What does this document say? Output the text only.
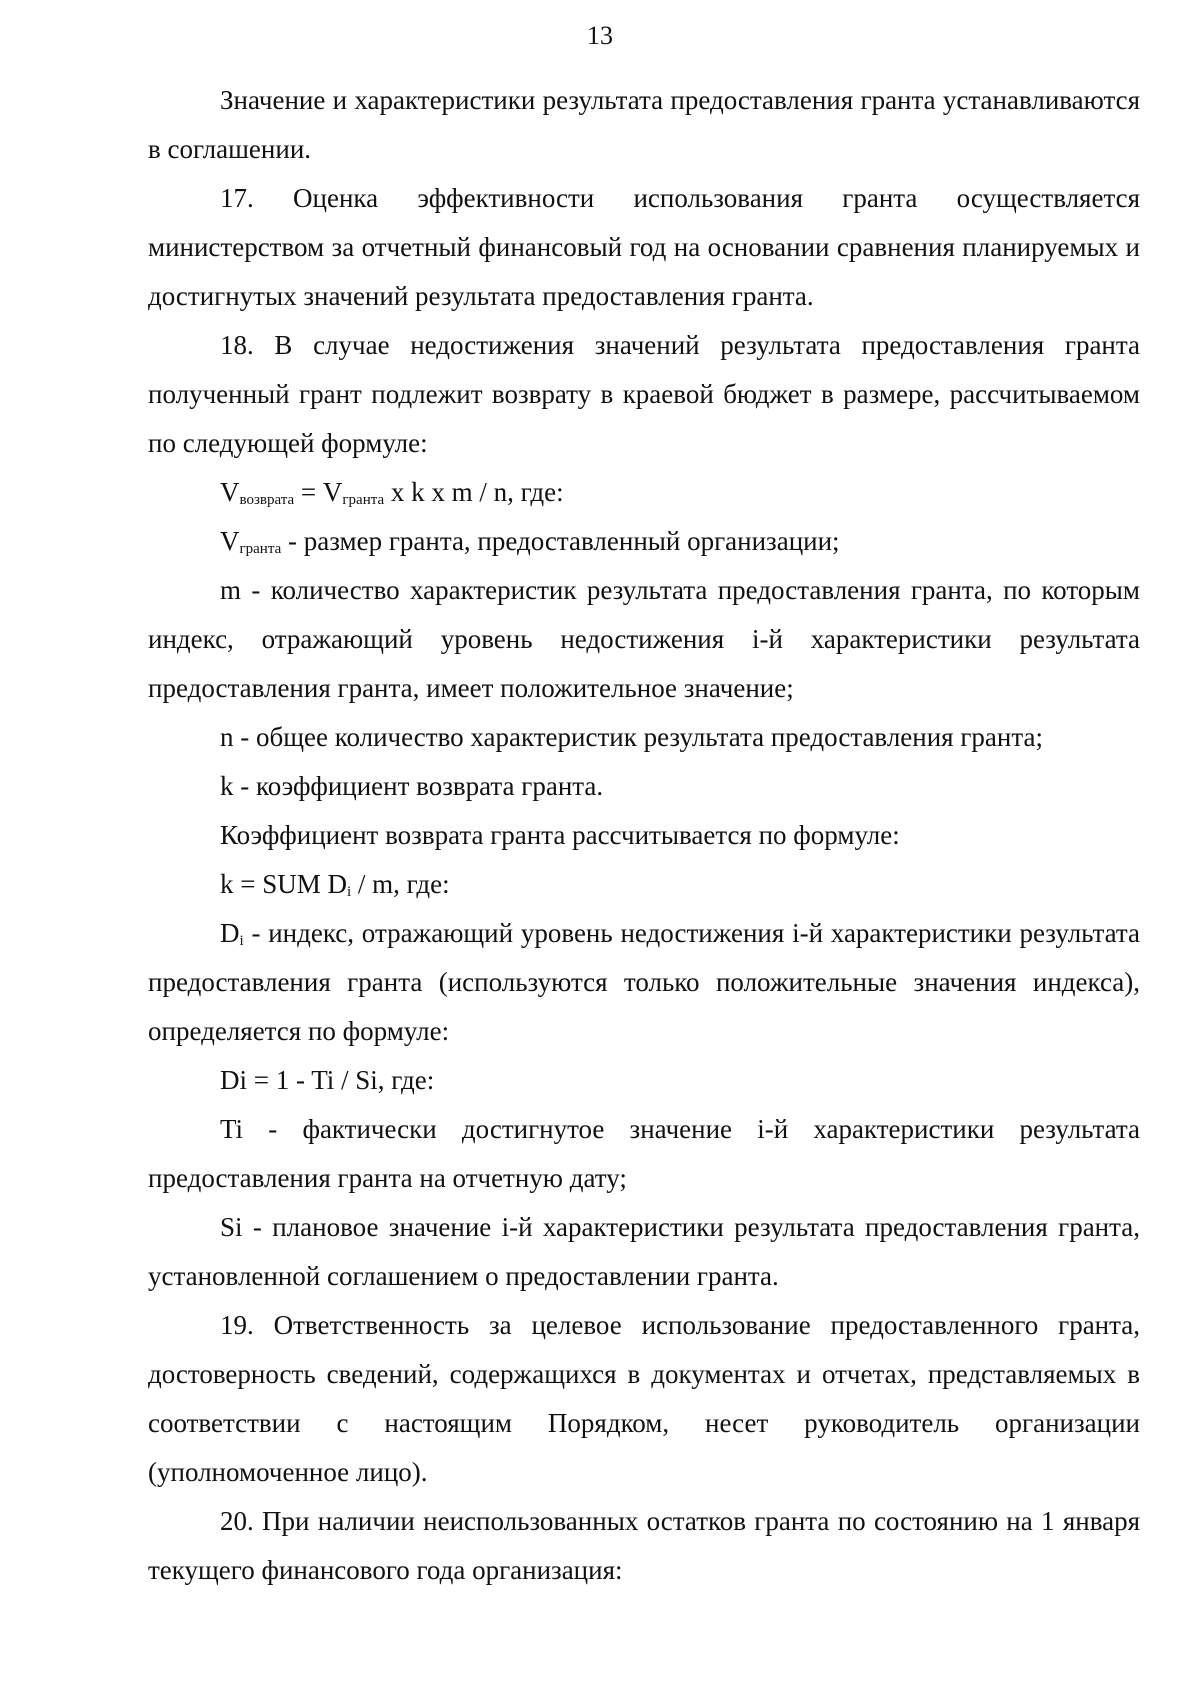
13

Значение и характеристики результата предоставления гранта устанавливаются в соглашении.

17. Оценка эффективности использования гранта осуществляется министерством за отчетный финансовый год на основании сравнения планируемых и достигнутых значений результата предоставления гранта.

18. В случае недостижения значений результата предоставления гранта полученный грант подлежит возврату в краевой бюджет в размере, рассчитываемом по следующей формуле:

$V_{возврата} = V_{гранта}$ x k x m / n, где:

$V_{гранта}$ - размер гранта, предоставленный организации;

m - количество характеристик результата предоставления гранта, по которым индекс, отражающий уровень недостижения i-й характеристики результата предоставления гранта, имеет положительное значение;

n - общее количество характеристик результата предоставления гранта;

k - коэффициент возврата гранта.

Коэффициент возврата гранта рассчитывается по формуле:

k = SUM $D_i$ / m, где:

$D_i$ - индекс, отражающий уровень недостижения i-й характеристики результата предоставления гранта (используются только положительные значения индекса), определяется по формуле:

Di = 1 - Ti / Si, где:

Ti - фактически достигнутое значение i-й характеристики результата предоставления гранта на отчетную дату;

Si - плановое значение i-й характеристики результата предоставления гранта, установленной соглашением о предоставлении гранта.

19. Ответственность за целевое использование предоставленного гранта, достоверность сведений, содержащихся в документах и отчетах, представляемых в соответствии с настоящим Порядком, несет руководитель организации (уполномоченное лицо).

20. При наличии неиспользованных остатков гранта по состоянию на 1 января текущего финансового года организация:
